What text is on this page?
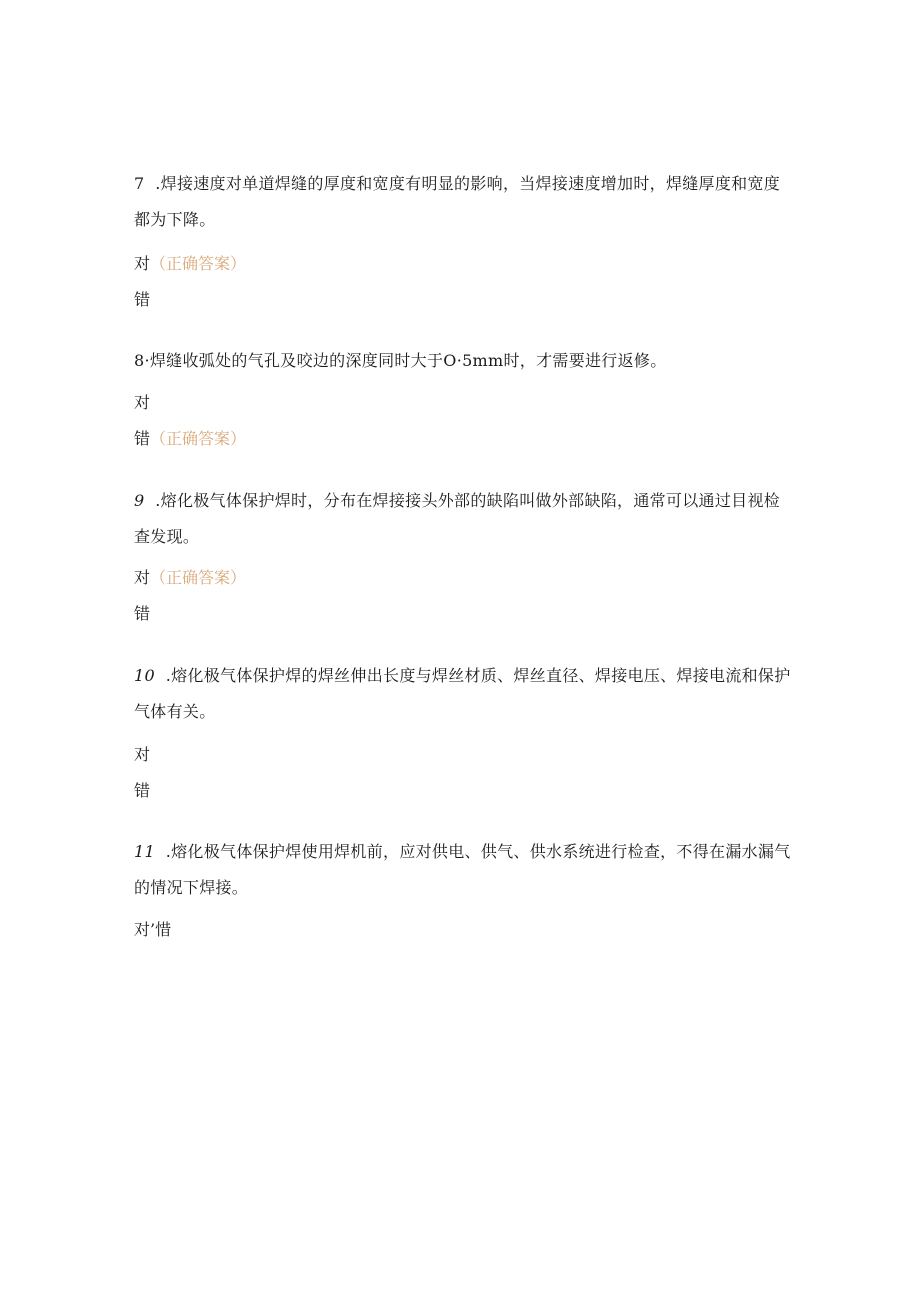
7 .焊接速度对单道焊缝的厚度和宽度有明显的影响，当焊接速度增加时，焊缝厚度和宽度都为下降。
对（正确答案）
错
8·焊缝收弧处的气孔及咬边的深度同时大于O·5mm时，才需要进行返修。
对
错（正确答案）
9 .熔化极气体保护焊时，分布在焊接接头外部的缺陷叫做外部缺陷，通常可以通过目视检查发现。
对（正确答案）
错
10 .熔化极气体保护焊的焊丝伸出长度与焊丝材质、焊丝直径、焊接电压、焊接电流和保护气体有关。
对
错
11 .熔化极气体保护焊使用焊机前，应对供电、供气、供水系统进行检查，不得在漏水漏气的情况下焊接。
对’惜
